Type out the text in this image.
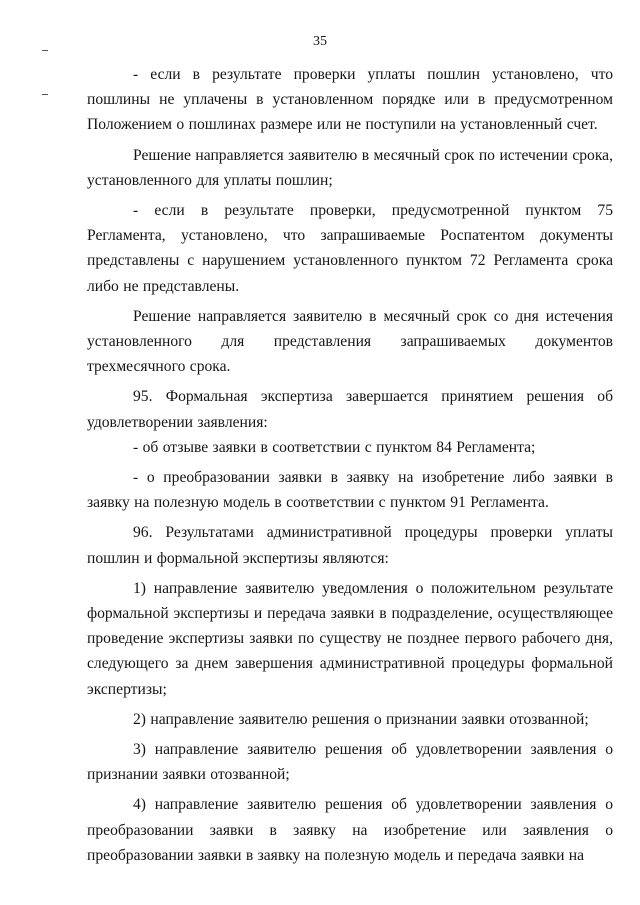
35

- если в результате проверки уплаты пошлин установлено, что пошлины не уплачены в установленном порядке или в предусмотренном Положением о пошлинах размере или не поступили на установленный счет.

Решение направляется заявителю в месячный срок по истечении срока, установленного для уплаты пошлин;

- если в результате проверки, предусмотренной пунктом 75 Регламента, установлено, что запрашиваемые Роспатентом документы представлены с нарушением установленного пунктом 72 Регламента срока либо не представлены.

Решение направляется заявителю в месячный срок со дня истечения установленного для представления запрашиваемых документов трехмесячного срока.

95. Формальная экспертиза завершается принятием решения об удовлетворении заявления:

- об отзыве заявки в соответствии с пунктом 84 Регламента;

- о преобразовании заявки в заявку на изобретение либо заявки в заявку на полезную модель в соответствии с пунктом 91 Регламента.

96. Результатами административной процедуры проверки уплаты пошлин и формальной экспертизы являются:

1) направление заявителю уведомления о положительном результате формальной экспертизы и передача заявки в подразделение, осуществляющее проведение экспертизы заявки по существу не позднее первого рабочего дня, следующего за днем завершения административной процедуры формальной экспертизы;

2) направление заявителю решения о признании заявки отозванной;

3) направление заявителю решения об удовлетворении заявления о признании заявки отозванной;

4) направление заявителю решения об удовлетворении заявления о преобразовании заявки в заявку на изобретение или заявления о преобразовании заявки в заявку на полезную модель и передача заявки на
